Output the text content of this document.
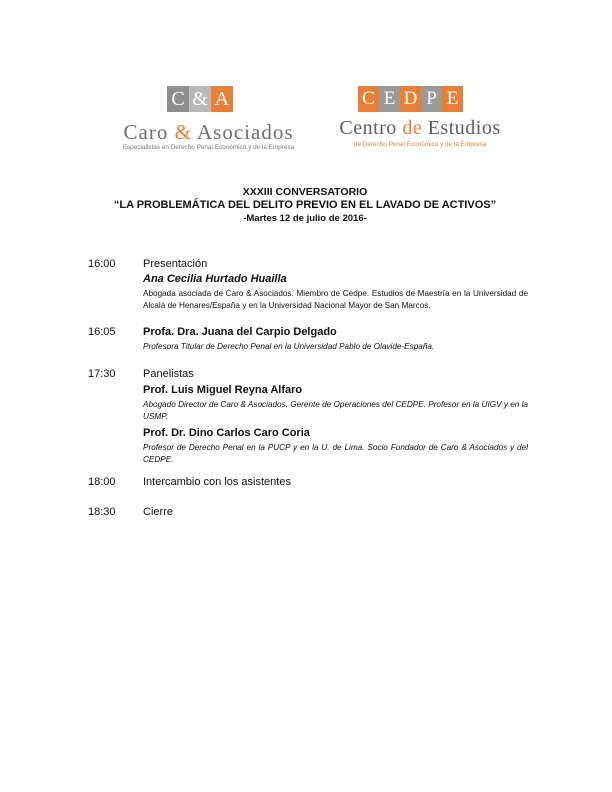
C & A
Caro & Asociados
Especialistas en Derecho Penal Económico y de la Empresa
C E D P E
Centro de Estudios
de Derecho Penal Económico y de la Empresa
XXXIII CONVERSATORIO
“LA PROBLEMÁTICA DEL DELITO PREVIO EN EL LAVADO DE ACTIVOS”
-Martes 12 de julio de 2016-
16:00 Presentación
Ana Cecilia Hurtado Huailla
Abogada asociada de Caro & Asociados. Miembro de Cedpe. Estudios de Maestría en la Universidad de Alcalá de Henares/España y en la Universidad Nacional Mayor de San Marcos.
16:05 Profa. Dra. Juana del Carpio Delgado
Profesora Titular de Derecho Penal en la Universidad Pablo de Olavide-España.
17:30 Panelistas
Prof. Luis Miguel Reyna Alfaro
Abogado Director de Caro & Asociados. Gerente de Operaciones del CEDPE. Profesor en la UIGV y en la USMP.
Prof. Dr. Dino Carlos Caro Coria
Profesor de Derecho Penal en la PUCP y en la U. de Lima. Socio Fundador de Caro & Asociados y del CEDPE.
18:00 Intercambio con los asistentes
18:30 Cierre
